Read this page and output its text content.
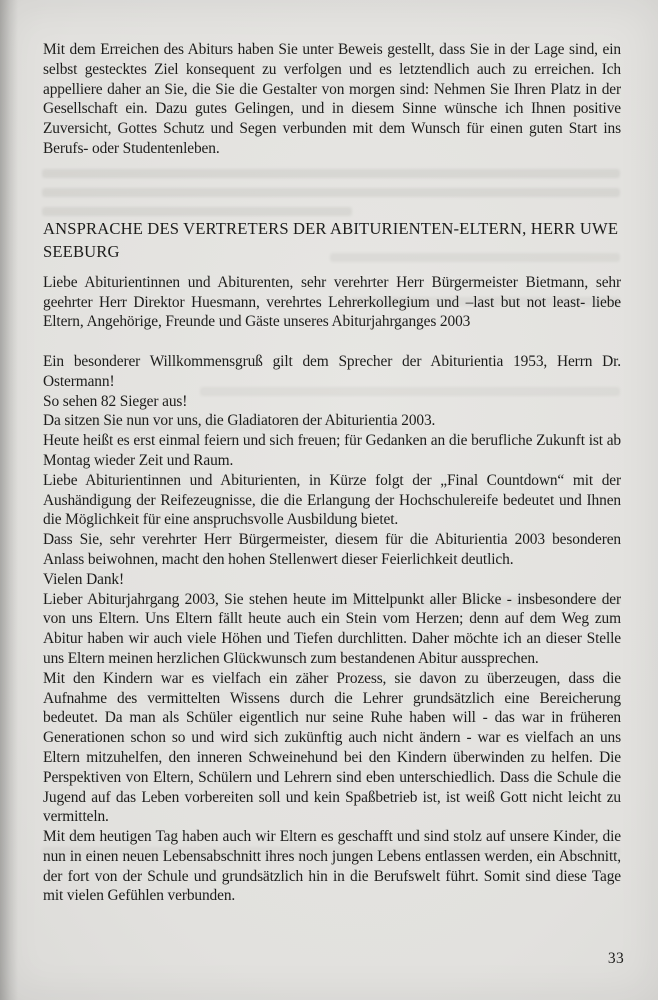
Mit dem Erreichen des Abiturs haben Sie unter Beweis gestellt, dass Sie in der Lage sind, ein selbst gestecktes Ziel konsequent zu verfolgen und es letztendlich auch zu erreichen. Ich appelliere daher an Sie, die Sie die Gestalter von morgen sind: Nehmen Sie Ihren Platz in der Gesellschaft ein. Dazu gutes Gelingen, und in diesem Sinne wünsche ich Ihnen positive Zuversicht, Gottes Schutz und Segen verbunden mit dem Wunsch für einen guten Start ins Berufs- oder Studentenleben.

ANSPRACHE DES VERTRETERS DER ABITURIENTEN-ELTERN, HERR UWE SEEBURG

Liebe Abiturientinnen und Abiturenten, sehr verehrter Herr Bürgermeister Bietmann, sehr geehrter Herr Direktor Huesmann, verehrtes Lehrerkollegium und –last but not least- liebe Eltern, Angehörige, Freunde und Gäste unseres Abiturjahrganges 2003

Ein besonderer Willkommensgruß gilt dem Sprecher der Abiturientia 1953, Herrn Dr. Ostermann!

So sehen 82 Sieger aus!

Da sitzen Sie nun vor uns, die Gladiatoren der Abiturientia 2003.

Heute heißt es erst einmal feiern und sich freuen; für Gedanken an die berufliche Zukunft ist ab Montag wieder Zeit und Raum.

Liebe Abiturientinnen und Abiturienten, in Kürze folgt der „Final Countdown“ mit der Aushändigung der Reifezeugnisse, die die Erlangung der Hochschulereife bedeutet und Ihnen die Möglichkeit für eine anspruchsvolle Ausbildung bietet.

Dass Sie, sehr verehrter Herr Bürgermeister, diesem für die Abiturientia 2003 besonderen Anlass beiwohnen, macht den hohen Stellenwert dieser Feierlichkeit deutlich.

Vielen Dank!

Lieber Abiturjahrgang 2003, Sie stehen heute im Mittelpunkt aller Blicke - insbesondere der von uns Eltern. Uns Eltern fällt heute auch ein Stein vom Herzen; denn auf dem Weg zum Abitur haben wir auch viele Höhen und Tiefen durchlitten. Daher möchte ich an dieser Stelle uns Eltern meinen herzlichen Glückwunsch zum bestandenen Abitur aussprechen.

Mit den Kindern war es vielfach ein zäher Prozess, sie davon zu überzeugen, dass die Aufnahme des vermittelten Wissens durch die Lehrer grundsätzlich eine Bereicherung bedeutet. Da man als Schüler eigentlich nur seine Ruhe haben will - das war in früheren Generationen schon so und wird sich zukünftig auch nicht ändern - war es vielfach an uns Eltern mitzuhelfen, den inneren Schweinehund bei den Kindern überwinden zu helfen. Die Perspektiven von Eltern, Schülern und Lehrern sind eben unterschiedlich. Dass die Schule die Jugend auf das Leben vorbereiten soll und kein Spaßbetrieb ist, ist weiß Gott nicht leicht zu vermitteln.

Mit dem heutigen Tag haben auch wir Eltern es geschafft und sind stolz auf unsere Kinder, die nun in einen neuen Lebensabschnitt ihres noch jungen Lebens entlassen werden, ein Abschnitt, der fort von der Schule und grundsätzlich hin in die Berufswelt führt. Somit sind diese Tage mit vielen Gefühlen verbunden.

33
